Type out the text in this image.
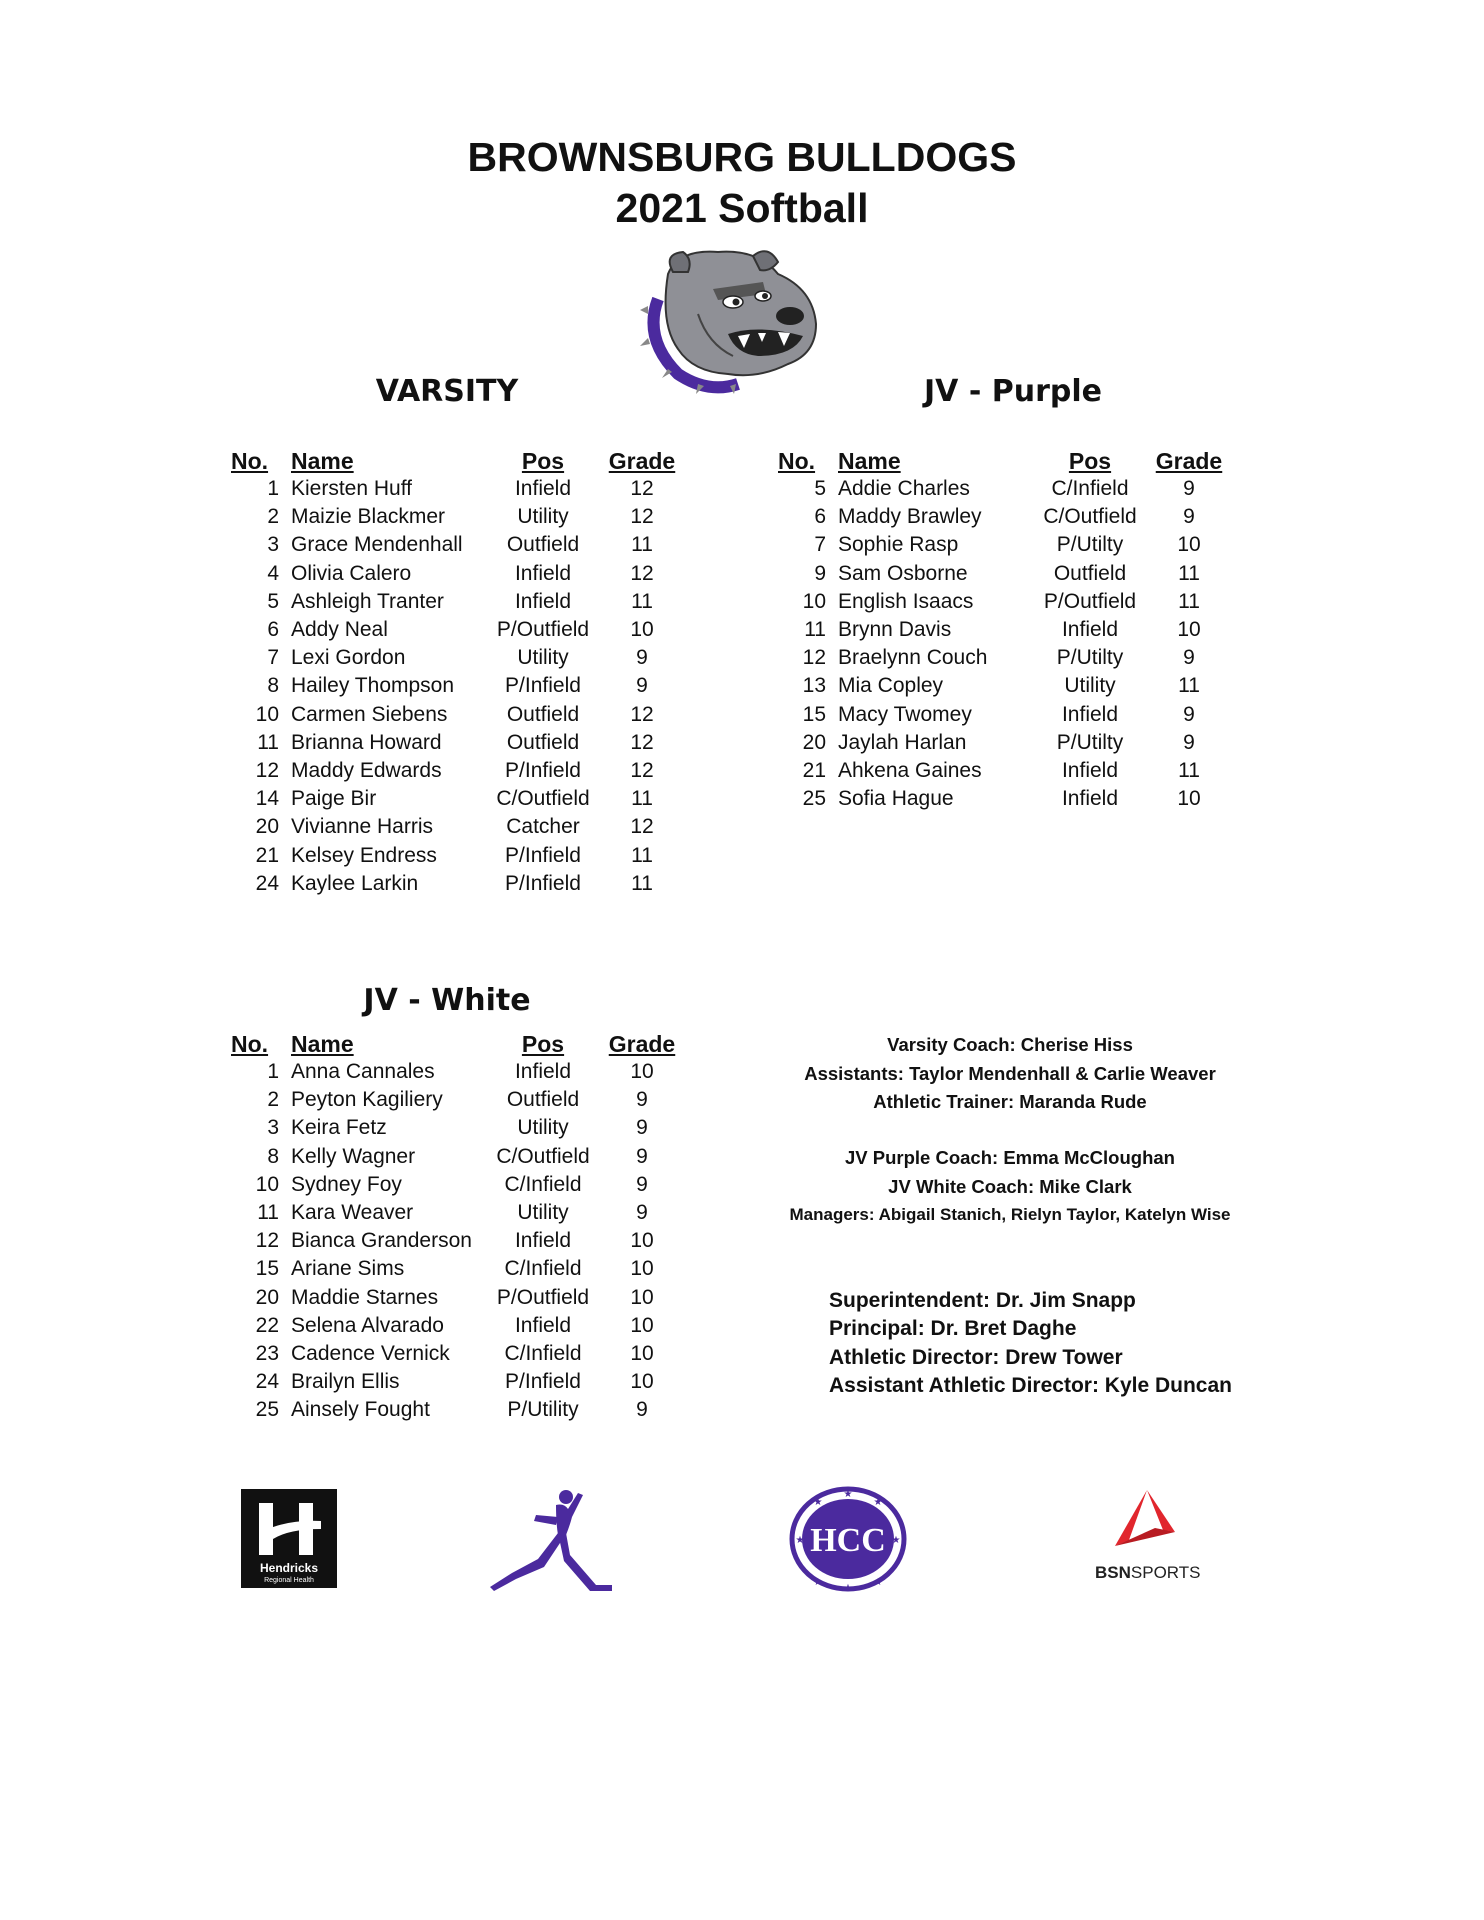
BROWNSBURG BULLDOGS
2021 Softball
VARSITY	JV - Purple
JV - White
No.	Name	Pos	Grade
1	Kiersten Huff	Infield	12
2	Maizie Blackmer	Utility	12
3	Grace Mendenhall	Outfield	11
4	Olivia Calero	Infield	12
5	Ashleigh Tranter	Infield	11
6	Addy Neal	P/Outfield	10
7	Lexi Gordon	Utility	9
8	Hailey Thompson	P/Infield	9
10	Carmen Siebens	Outfield	12
11	Brianna Howard	Outfield	12
12	Maddy Edwards	P/Infield	12
14	Paige Bir	C/Outfield	11
20	Vivianne Harris	Catcher	12
21	Kelsey Endress	P/Infield	11
24	Kaylee Larkin	P/Infield	11
No.	Name	Pos	Grade
5	Addie Charles	C/Infield	9
6	Maddy Brawley	C/Outfield	9
7	Sophie Rasp	P/Utilty	10
9	Sam Osborne	Outfield	11
10	English Isaacs	P/Outfield	11
11	Brynn Davis	Infield	10
12	Braelynn Couch	P/Utilty	9
13	Mia Copley	Utility	11
15	Macy Twomey	Infield	9
20	Jaylah Harlan	P/Utilty	9
21	Ahkena Gaines	Infield	11
25	Sofia Hague	Infield	10
No.	Name	Pos	Grade
1	Anna Cannales	Infield	10
2	Peyton Kagiliery	Outfield	9
3	Keira Fetz	Utility	9
8	Kelly Wagner	C/Outfield	9
10	Sydney Foy	C/Infield	9
11	Kara Weaver	Utility	9
12	Bianca Granderson	Infield	10
15	Ariane Sims	C/Infield	10
20	Maddie Starnes	P/Outfield	10
22	Selena Alvarado	Infield	10
23	Cadence Vernick	C/Infield	10
24	Brailyn Ellis	P/Infield	10
25	Ainsely Fought	P/Utility	9
Varsity Coach: Cherise Hiss
Assistants: Taylor Mendenhall & Carlie Weaver
Athletic Trainer: Maranda Rude
JV Purple Coach: Emma McCloughan
JV White Coach: Mike Clark
Managers: Abigail Stanich, Rielyn Taylor, Katelyn Wise
Superintendent: Dr. Jim Snapp
Principal: Dr. Bret Daghe
Athletic Director: Drew Tower
Assistant Athletic Director: Kyle Duncan
Hendricks
Regional Health
HCC
★
★	★
★	★
★	★
★
BSNSPORTS
